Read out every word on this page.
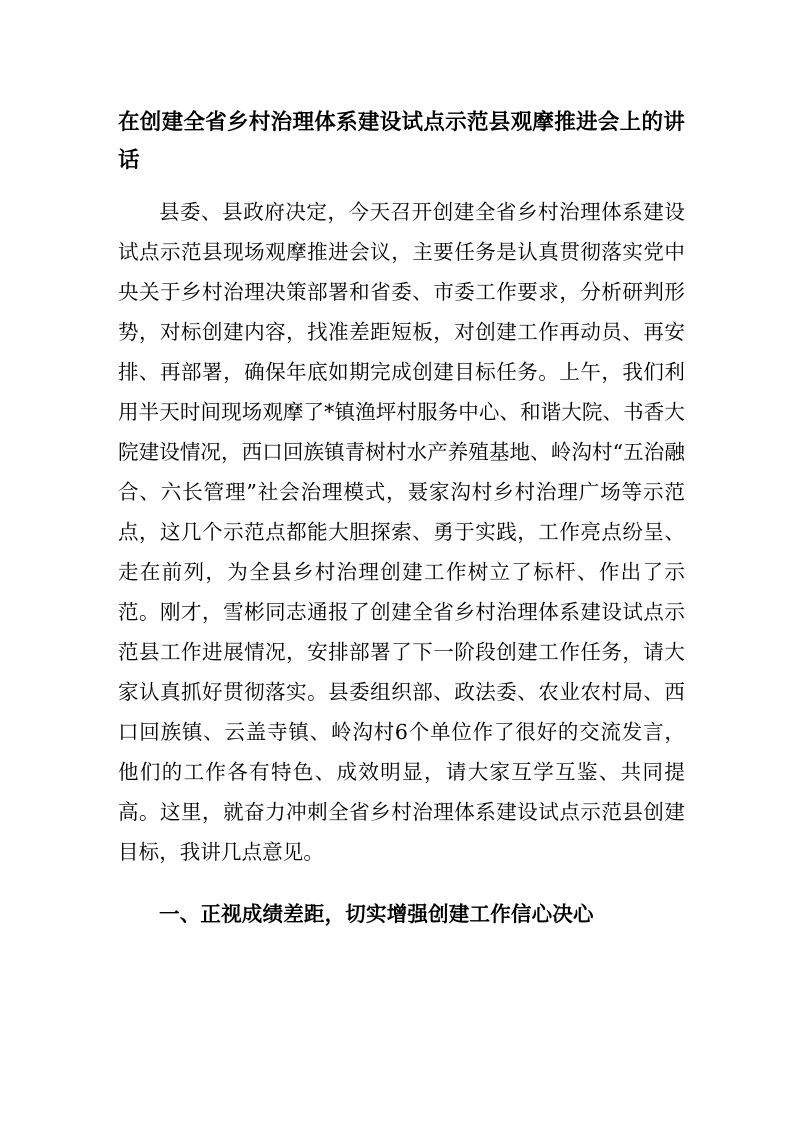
在创建全省乡村治理体系建设试点示范县观摩推进会上的讲话

县委、县政府决定，今天召开创建全省乡村治理体系建设试点示范县现场观摩推进会议，主要任务是认真贯彻落实党中央关于乡村治理决策部署和省委、市委工作要求，分析研判形势，对标创建内容，找准差距短板，对创建工作再动员、再安排、再部署，确保年底如期完成创建目标任务。上午，我们利用半天时间现场观摩了*镇渔坪村服务中心、和谐大院、书香大院建设情况，西口回族镇青树村水产养殖基地、岭沟村“五治融合、六长管理”社会治理模式，聂家沟村乡村治理广场等示范点，这几个示范点都能大胆探索、勇于实践，工作亮点纷呈、走在前列，为全县乡村治理创建工作树立了标杆、作出了示范。刚才，雪彬同志通报了创建全省乡村治理体系建设试点示范县工作进展情况，安排部署了下一阶段创建工作任务，请大家认真抓好贯彻落实。县委组织部、政法委、农业农村局、西口回族镇、云盖寺镇、岭沟村6个单位作了很好的交流发言，他们的工作各有特色、成效明显，请大家互学互鉴、共同提高。这里，就奋力冲刺全省乡村治理体系建设试点示范县创建目标，我讲几点意见。

一、正视成绩差距，切实增强创建工作信心决心
